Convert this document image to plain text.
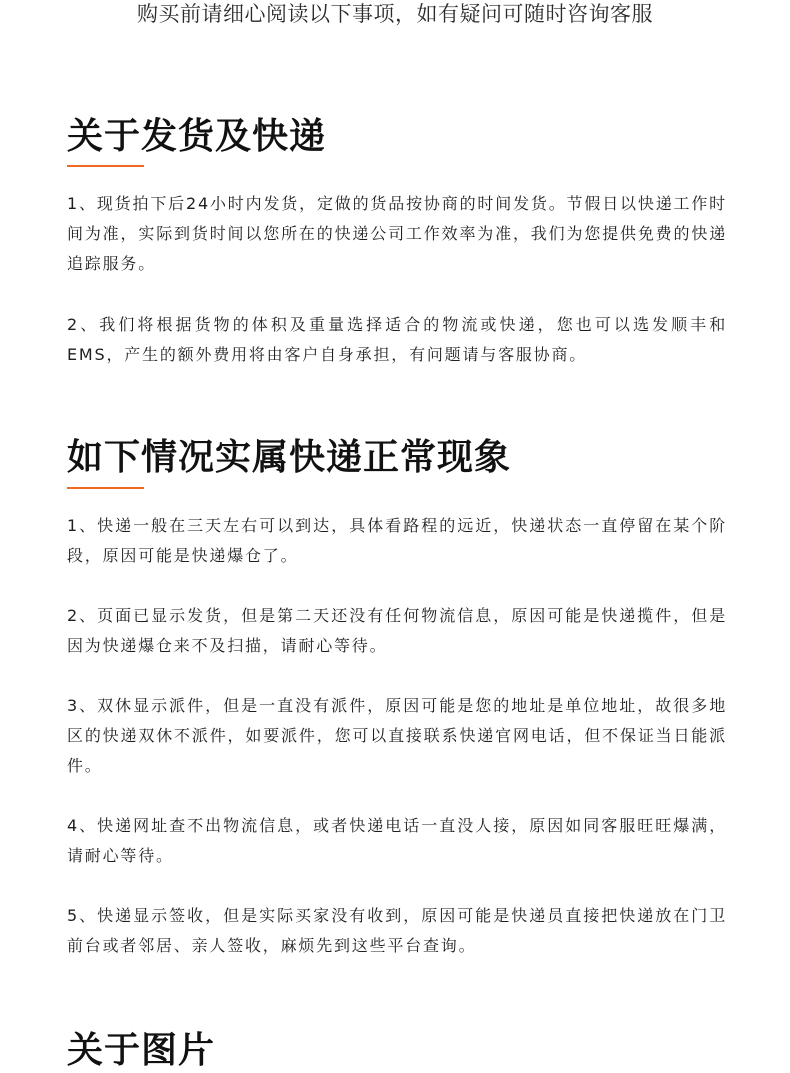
购买前请细心阅读以下事项，如有疑问可随时咨询客服
关于发货及快递

1、现货拍下后24小时内发货，定做的货品按协商的时间发货。节假日以快递工作时间为准，实际到货时间以您所在的快递公司工作效率为准，我们为您提供免费的快递追踪服务。

2、我们将根据货物的体积及重量选择适合的物流或快递，您也可以选发顺丰和EMS，产生的额外费用将由客户自身承担，有问题请与客服协商。

如下情况实属快递正常现象

1、快递一般在三天左右可以到达，具体看路程的远近，快递状态一直停留在某个阶段，原因可能是快递爆仓了。

2、页面已显示发货，但是第二天还没有任何物流信息，原因可能是快递揽件，但是因为快递爆仓来不及扫描，请耐心等待。

3、双休显示派件，但是一直没有派件，原因可能是您的地址是单位地址，故很多地区的快递双休不派件，如要派件，您可以直接联系快递官网电话，但不保证当日能派件。

4、快递网址查不出物流信息，或者快递电话一直没人接，原因如同客服旺旺爆满，请耐心等待。

5、快递显示签收，但是实际买家没有收到，原因可能是快递员直接把快递放在门卫前台或者邻居、亲人签收，麻烦先到这些平台查询。

关于图片
